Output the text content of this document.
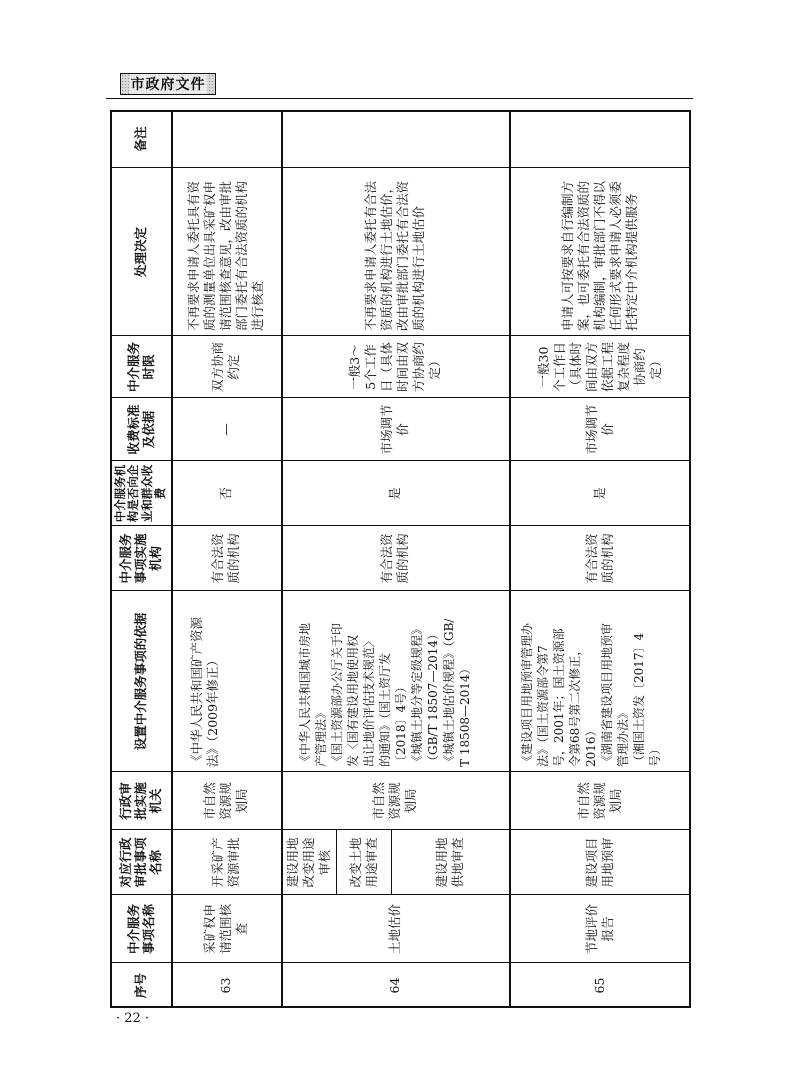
市政府文件
序号
中介服务事项名称
对应行政审批事项名称
行政审批实施机关
设置中介服务事项的依据
中介服务事项实施机构
中介服务机构是否向企业和群众收费
收费标准及依据
中介服务时限
处理决定
备注
63
采矿权申请范围核查
开采矿产资源审批
市自然资源规划局
《中华人民共和国矿产资源 法》（2009年修正）
有合法资质的机构
否
—
双方协商约定
不再要求申请人委托具有资质的测量单位出具采矿权申请范围核查意见，改由审批部门委托有合法资质的机构进行核查
64
土地估价
建设用地改变用途审核	改变土地用途审查	建设用地供地审查
市自然资源规划局
《中华人民共和国城市房地 产管理法》 《国土资源部办公厅关于印 发〈国有建设用地使用权 出让地价评估技术规范〉 的通知》（国土资厅发 〔2018〕4号） 《城镇土地分等定级规程》 （GB/T 18507—2014） 《城镇土地估价规程》（GB/ T 18508—2014）
有合法资质的机构
是
市场调节价
一般3～5个工作日（具体时间由双方协商约定）
不再要求申请人委托有合法资质的机构进行土地估价，改由审批部门委托有合法资质的机构进行土地估价
65
节地评价报告
建设项目用地预审
市自然资源规划局
《建设项目用地预审管理办 法》（国土资源部令第7 号，2001年；国土资源部 令第68号第二次修正， 2016） 《湖南省建设项目用地预审 管理办法》 （湘国土资发〔2017〕4 号）
有合法资质的机构
是
市场调节价
一般30个工作日（具体时间由双方依据工程复杂程度协商约定）
申请人可按要求自行编制方案，也可委托有合法资质的机构编制，审批部门不得以任何形式要求申请人必须委托特定中介机构提供服务
· 22 ·
